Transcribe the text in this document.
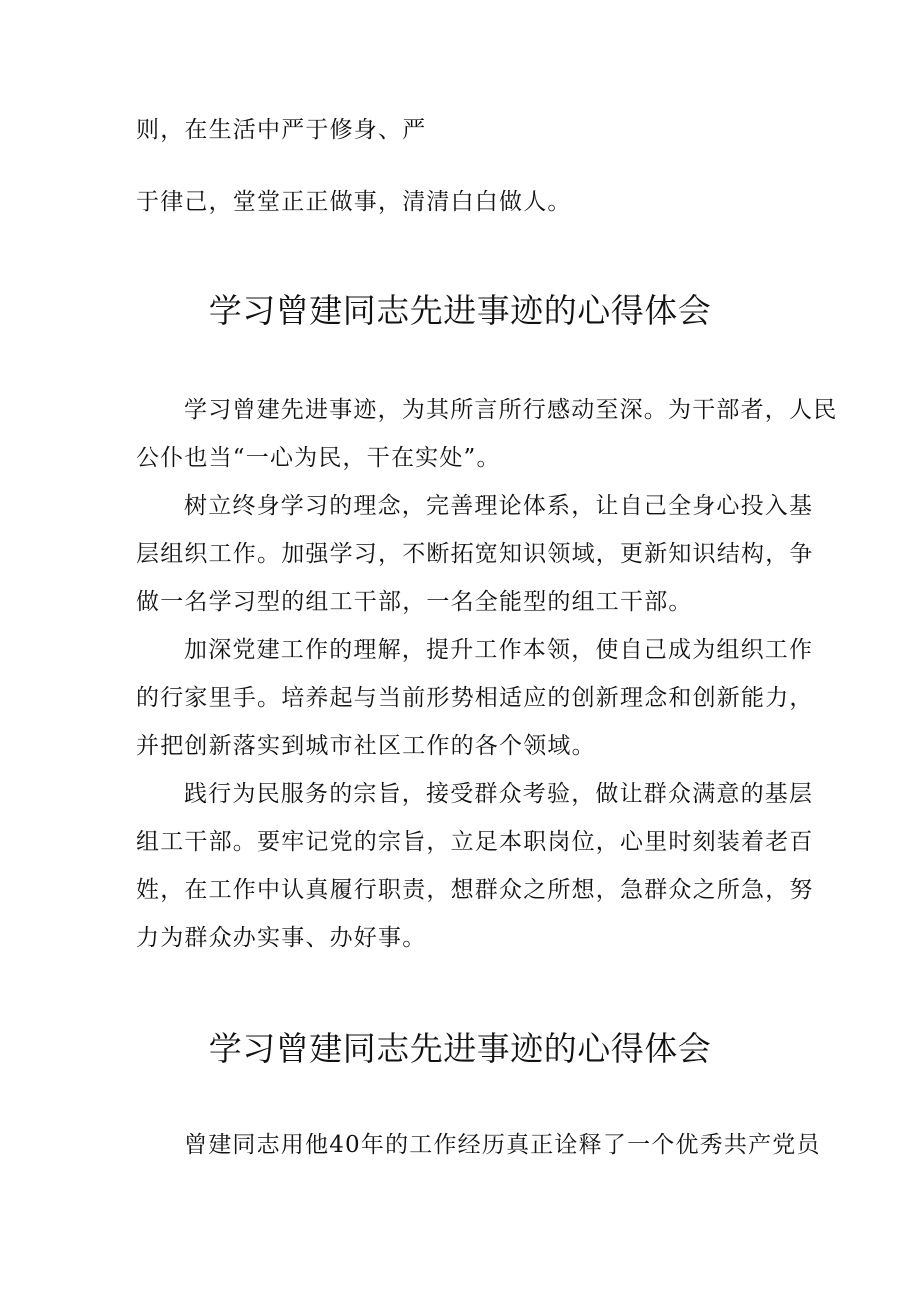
则，在生活中严于修身、严
于律己，堂堂正正做事，清清白白做人。
学习曾建同志先进事迹的心得体会
学习曾建先进事迹，为其所言所行感动至深。为干部者，人民
公仆也当“一心为民，干在实处”。
树立终身学习的理念，完善理论体系，让自己全身心投入基
层组织工作。加强学习，不断拓宽知识领域，更新知识结构，争
做一名学习型的组工干部，一名全能型的组工干部。
加深党建工作的理解，提升工作本领，使自己成为组织工作
的行家里手。培养起与当前形势相适应的创新理念和创新能力，
并把创新落实到城市社区工作的各个领域。
践行为民服务的宗旨，接受群众考验，做让群众满意的基层
组工干部。要牢记党的宗旨，立足本职岗位，心里时刻装着老百
姓，在工作中认真履行职责，想群众之所想，急群众之所急，努
力为群众办实事、办好事。
学习曾建同志先进事迹的心得体会
曾建同志用他40年的工作经历真正诠释了一个优秀共产党员
